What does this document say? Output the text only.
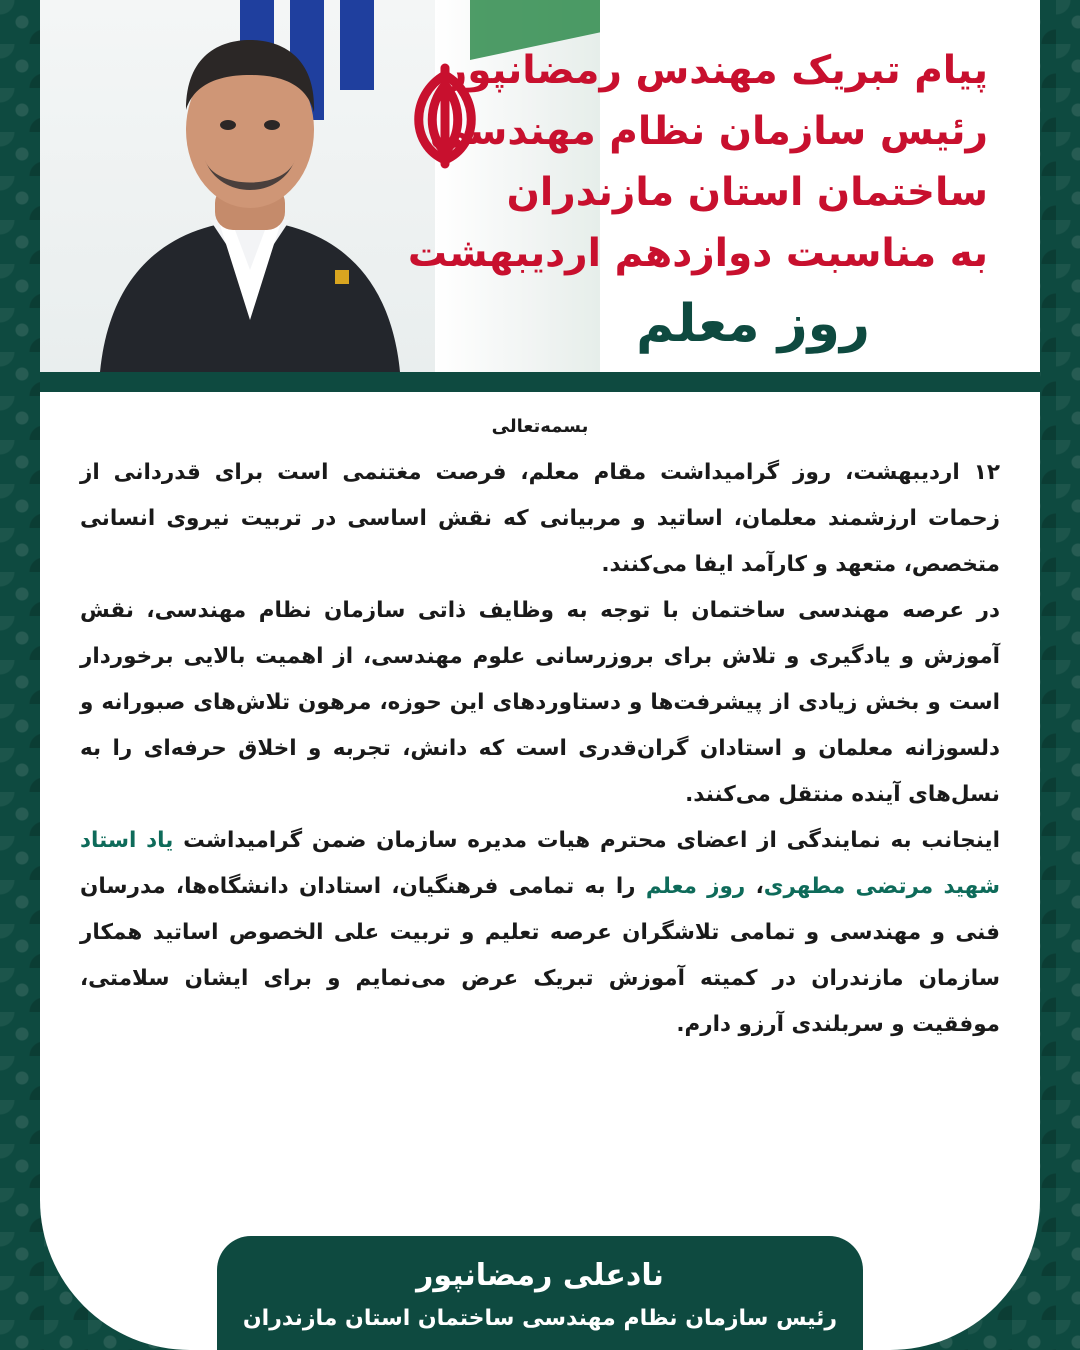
پیام تبریک مهندس رمضانپور
رئیس سازمان نظام مهندسی
ساختمان استان مازندران
به مناسبت دوازدهم اردیبهشت
روز معلم
بسمه‌تعالی

۱۲ اردیبهشت، روز گرامیداشت مقام معلم، فرصت مغتنمی است برای قدردانی از زحمات ارزشمند معلمان، اساتید و مربیانی که نقش اساسی در تربیت نیروی انسانی متخصص، متعهد و کارآمد ایفا می‌کنند.

در عرصه مهندسی ساختمان با توجه به وظایف ذاتی سازمان نظام مهندسی، نقش آموزش و یادگیری و تلاش برای بروزرسانی علوم مهندسی، از اهمیت بالایی برخوردار است و بخش زیادی از پیشرفت‌ها و دستاوردهای این حوزه، مرهون تلاش‌های صبورانه و دلسوزانه معلمان و استادان گران‌قدری است که دانش، تجربه و اخلاق حرفه‌ای را به نسل‌های آینده منتقل می‌کنند.

اینجانب به نمایندگی از اعضای محترم هیات مدیره سازمان ضمن گرامیداشت یاد استاد شهید مرتضی مطهری، روز معلم را به تمامی فرهنگیان، استادان دانشگاه‌ها، مدرسان فنی و مهندسی و تمامی تلاشگران عرصه تعلیم و تربیت علی الخصوص اساتید همکار سازمان مازندران در کمیته آموزش تبریک عرض می‌نمایم و برای ایشان سلامتی، موفقیت و سربلندی آرزو دارم.

نادعلی رمضانپور
رئیس سازمان نظام مهندسی ساختمان استان مازندران
